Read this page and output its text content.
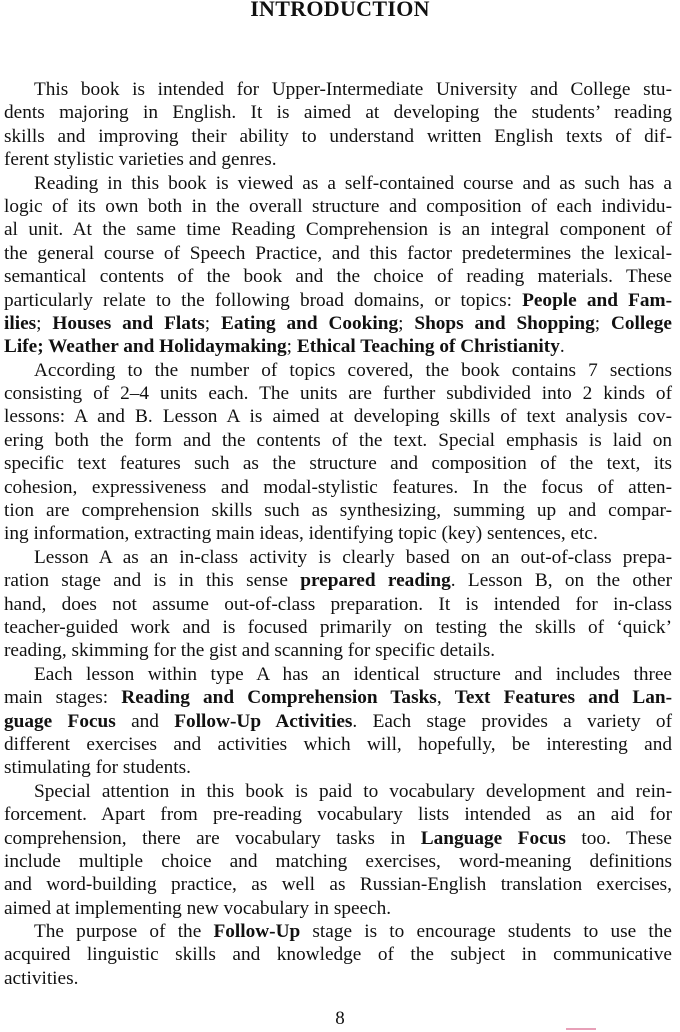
INTRODUCTION
This book is intended for Upper-Intermediate University and College stu-
dents majoring in English. It is aimed at developing the students’ reading
skills and improving their ability to understand written English texts of dif-
ferent stylistic varieties and genres.
Reading in this book is viewed as a self-contained course and as such has a
logic of its own both in the overall structure and composition of each individu-
al unit. At the same time Reading Comprehension is an integral component of
the general course of Speech Practice, and this factor predetermines the lexical-
semantical contents of the book and the choice of reading materials. These
particularly relate to the following broad domains, or topics: People and Fam-
ilies; Houses and Flats; Eating and Cooking; Shops and Shopping; College
Life; Weather and Holidaymaking; Ethical Teaching of Christianity.
According to the number of topics covered, the book contains 7 sections
consisting of 2–4 units each. The units are further subdivided into 2 kinds of
lessons: A and B. Lesson A is aimed at developing skills of text analysis cov-
ering both the form and the contents of the text. Special emphasis is laid on
specific text features such as the structure and composition of the text, its
cohesion, expressiveness and modal-stylistic features. In the focus of atten-
tion are comprehension skills such as synthesizing, summing up and compar-
ing information, extracting main ideas, identifying topic (key) sentences, etc.
Lesson A as an in-class activity is clearly based on an out-of-class prepa-
ration stage and is in this sense prepared reading. Lesson B, on the other
hand, does not assume out-of-class preparation. It is intended for in-class
teacher-guided work and is focused primarily on testing the skills of ‘quick’
reading, skimming for the gist and scanning for specific details.
Each lesson within type A has an identical structure and includes three
main stages: Reading and Comprehension Tasks, Text Features and Lan-
guage Focus and Follow-Up Activities. Each stage provides a variety of
different exercises and activities which will, hopefully, be interesting and
stimulating for students.
Special attention in this book is paid to vocabulary development and rein-
forcement. Apart from pre-reading vocabulary lists intended as an aid for
comprehension, there are vocabulary tasks in Language Focus too. These
include multiple choice and matching exercises, word-meaning definitions
and word-building practice, as well as Russian-English translation exercises,
aimed at implementing new vocabulary in speech.
The purpose of the Follow-Up stage is to encourage students to use the
acquired linguistic skills and knowledge of the subject in communicative
activities.
8
